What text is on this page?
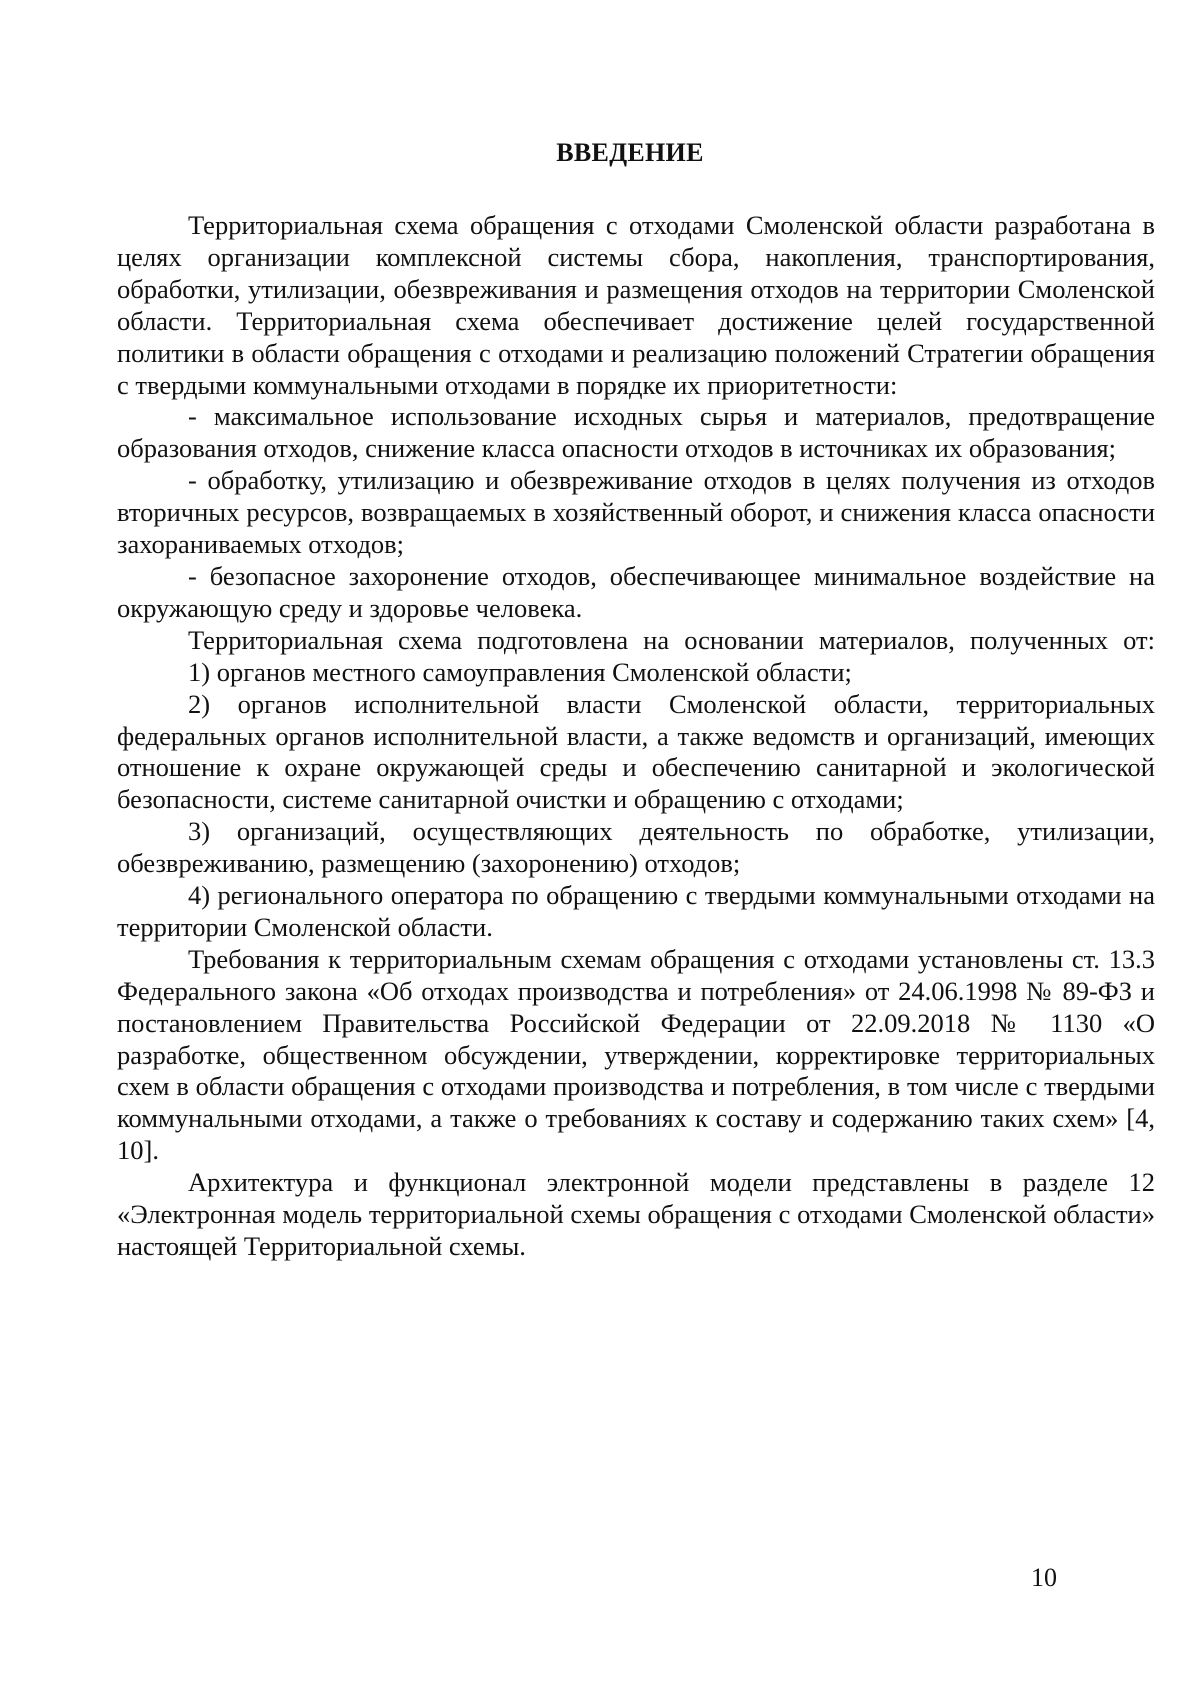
ВВЕДЕНИЕ

Территориальная схема обращения с отходами Смоленской области разработана в целях организации комплексной системы сбора, накопления, транспортирования, обработки, утилизации, обезвреживания и размещения отходов на территории Смоленской области. Территориальная схема обеспечивает достижение целей государственной политики в области обращения с отходами и реализацию положений Стратегии обращения с твердыми коммунальными отходами в порядке их приоритетности:

- максимальное использование исходных сырья и материалов, предотвращение образования отходов, снижение класса опасности отходов в источниках их образования;

- обработку, утилизацию и обезвреживание отходов в целях получения из отходов вторичных ресурсов, возвращаемых в хозяйственный оборот, и снижения класса опасности захораниваемых отходов;

- безопасное захоронение отходов, обеспечивающее минимальное воздействие на окружающую среду и здоровье человека.

Территориальная схема подготовлена на основании материалов, полученных от:

1) органов местного самоуправления Смоленской области;

2) органов исполнительной власти Смоленской области, территориальных федеральных органов исполнительной власти, а также ведомств и организаций, имеющих отношение к охране окружающей среды и обеспечению санитарной и экологической безопасности, системе санитарной очистки и обращению с отходами;

3) организаций, осуществляющих деятельность по обработке, утилизации, обезвреживанию, размещению (захоронению) отходов;

4) регионального оператора по обращению с твердыми коммунальными отходами на территории Смоленской области.

Требования к территориальным схемам обращения с отходами установлены ст. 13.3 Федерального закона «Об отходах производства и потребления» от 24.06.1998 № 89-ФЗ и постановлением Правительства Российской Федерации от 22.09.2018 № 1130 «О разработке, общественном обсуждении, утверждении, корректировке территориальных схем в области обращения с отходами производства и потребления, в том числе с твердыми коммунальными отходами, а также о требованиях к составу и содержанию таких схем» [4, 10].

Архитектура и функционал электронной модели представлены в разделе 12 «Электронная модель территориальной схемы обращения с отходами Смоленской области» настоящей Территориальной схемы.

10
